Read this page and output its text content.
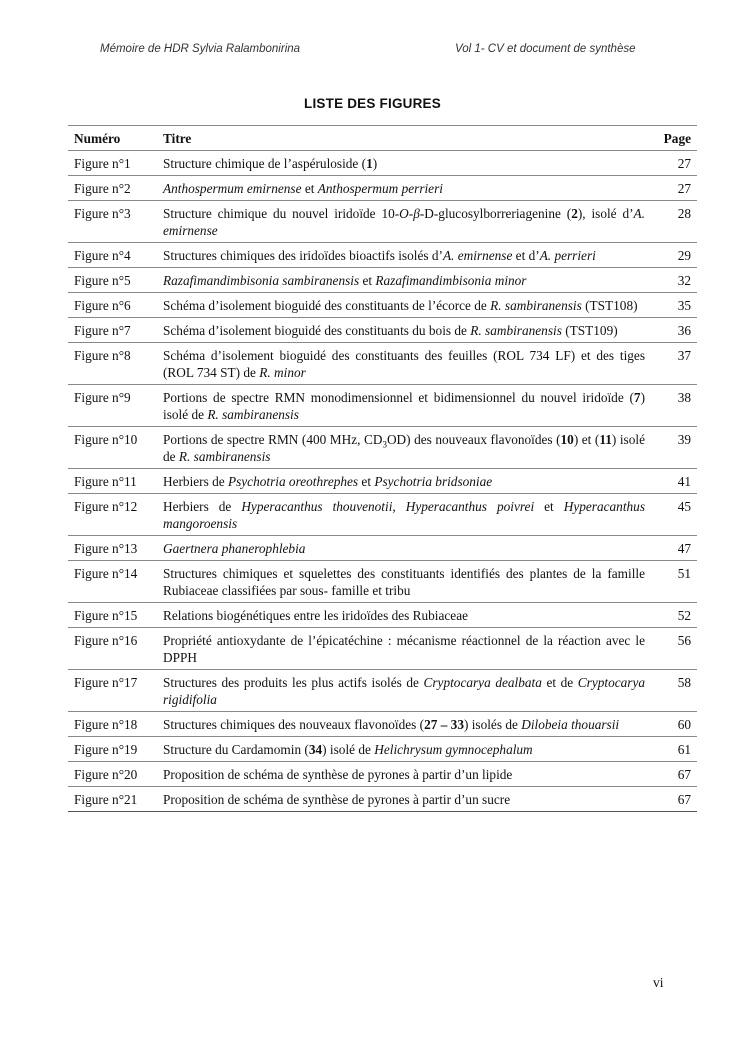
Mémoire de HDR Sylvia Ralambonirina	Vol 1- CV et document de synthèse
LISTE DES FIGURES
Numéro	Titre	Page
Figure n°1	Structure chimique de l’aspéruloside (1)	27
Figure n°2	Anthospermum emirnense et Anthospermum perrieri	27
Figure n°3	Structure chimique du nouvel iridoïde 10-O-β-D-glucosylborreriagenine (2), isolé d’A. emirnense	28
Figure n°4	Structures chimiques des iridoïdes bioactifs isolés d’A. emirnense et d’A. perrieri	29
Figure n°5	Razafimandimbisonia sambiranensis et Razafimandimbisonia minor	32
Figure n°6	Schéma d’isolement bioguidé des constituants de l’écorce de R. sambiranensis (TST108)	35
Figure n°7	Schéma d’isolement bioguidé des constituants du bois de R. sambiranensis (TST109)	36
Figure n°8	Schéma d’isolement bioguidé des constituants des feuilles (ROL 734 LF) et des tiges (ROL 734 ST) de R. minor	37
Figure n°9	Portions de spectre RMN monodimensionnel et bidimensionnel du nouvel iridoïde (7) isolé de R. sambiranensis	38
Figure n°10	Portions de spectre RMN (400 MHz, $CD_3OD$) des nouveaux flavonoïdes (10) et (11) isolé de R. sambiranensis	39
Figure n°11	Herbiers de Psychotria oreothrephes et Psychotria bridsoniae	41
Figure n°12	Herbiers de Hyperacanthus thouvenotii, Hyperacanthus poivrei et Hyperacanthus mangoroensis	45
Figure n°13	Gaertnera phanerophlebia	47
Figure n°14	Structures chimiques et squelettes des constituants identifiés des plantes de la famille Rubiaceae classifiées par sous- famille et tribu	51
Figure n°15	Relations biogénétiques entre les iridoïdes des Rubiaceae	52
Figure n°16	Propriété antioxydante de l’épicatéchine : mécanisme réactionnel de la réaction avec le DPPH	56
Figure n°17	Structures des produits les plus actifs isolés de Cryptocarya dealbata et de Cryptocarya rigidifolia	58
Figure n°18	Structures chimiques des nouveaux flavonoïdes (27 – 33) isolés de Dilobeia thouarsii	60
Figure n°19	Structure du Cardamomin (34) isolé de Helichrysum gymnocephalum	61
Figure n°20	Proposition de schéma de synthèse de pyrones à partir d’un lipide	67
Figure n°21	Proposition de schéma de synthèse de pyrones à partir d’un sucre	67
vi
